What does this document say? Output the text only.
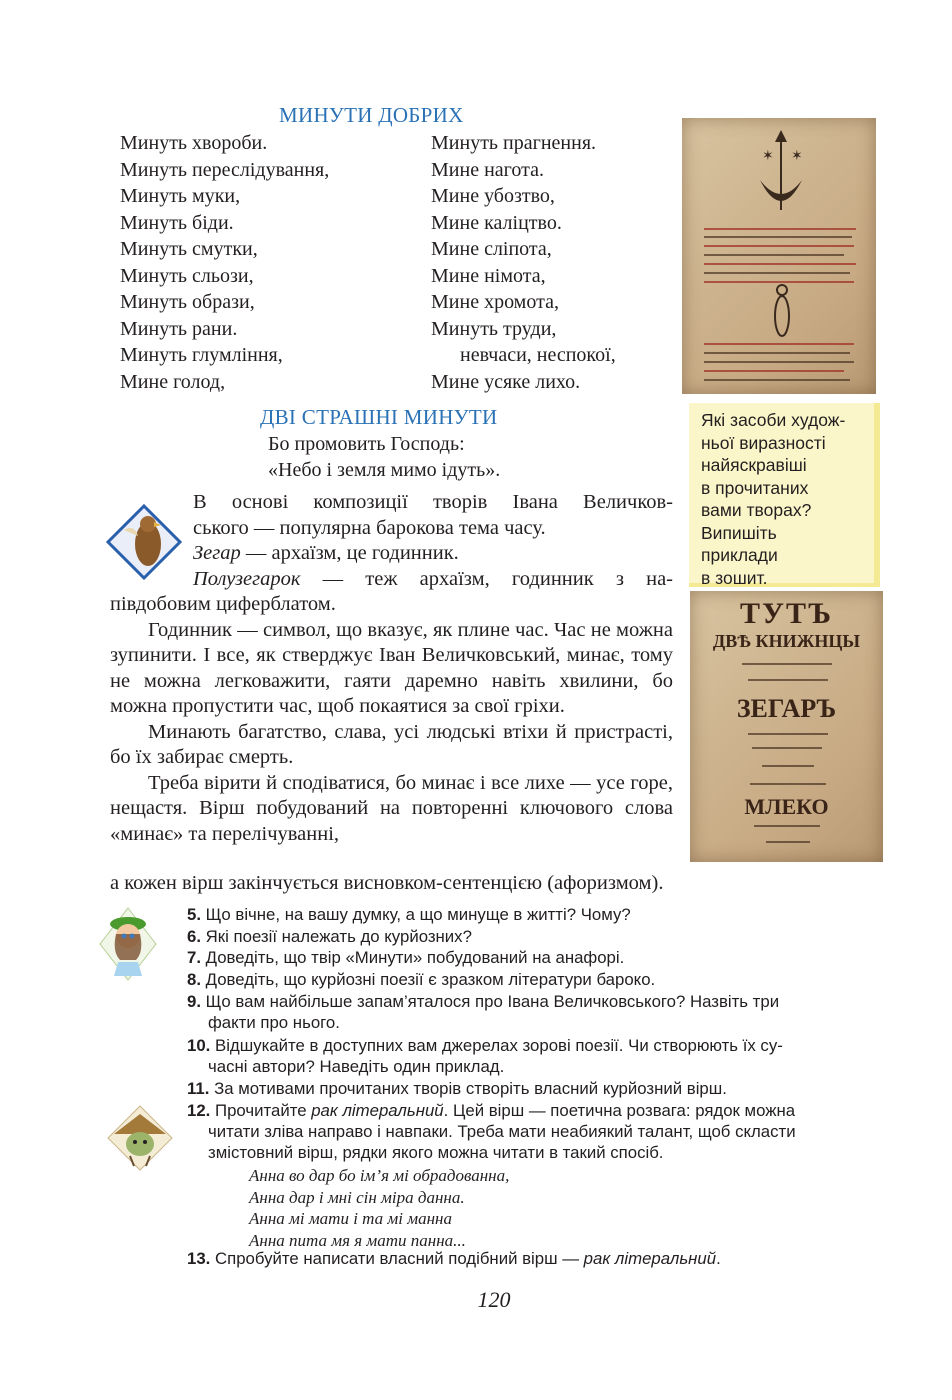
МИНУТИ ДОБРИХ
Минуть хвороби.
Минуть переслідування,
Минуть муки,
Минуть біди.
Минуть смутки,
Минуть сльози,
Минуть образи,
Минуть рани.
Минуть глумління,
Мине голод,
Минуть прагнення.
Мине нагота.
Мине убозтво,
Мине каліцтво.
Мине сліпота,
Мине німота,
Мине хромота,
Минуть труди,
невчаси, неспокої,
Мине усяке лихо.
✶ ✶
ДВІ СТРАШНІ МИНУТИ
Бо промовить Господь:
«Небо і земля мимо ідуть».
Які засоби худож-
ньої виразності
найяскравіші
в прочитаних
вами творах?
Випишіть
приклади
в зошит.

В основі композиції творів Івана Величков-

ського — популярна барокова тема часу.

Зегар — архаїзм, це годинник.

Полузегарок — теж архаїзм, годинник з на-

півдобовим циферблатом.

Годинник — символ, що вказує, як плине час. Час не можна зупинити. І все, як стверджує Іван Величковський, минає, тому не можна легковажити, гаяти даремно навіть хвилини, бо можна пропустити час, щоб покаятися за свої гріхи.

Минають багатство, слава, усі людські втіхи й пристрасті, бо їх забирає смерть.

Треба вірити й сподіватися, бо минає і все лихе — усе горе, нещастя. Вірш побудований на повторенні ключового слова «минає» та перелічуванні,

а кожен вірш закінчується висновком-сентенцією (афоризмом).
ТУТЪ
ДВѢ КНИЖНЦЫ
ЗЕГАРЪ
МЛЕКО
5. Що вічне, на вашу думку, а що минуще в житті? Чому?
6. Які поезії належать до курйозних?
7. Доведіть, що твір «Минути» побудований на анафорі.
8. Доведіть, що курйозні поезії є зразком літератури бароко.
9. Що вам найбільше запам’яталося про Івана Величковського? Назвіть три
факти про нього.
10. Відшукайте в доступних вам джерелах зорові поезії. Чи створюють їх су-
часні автори? Наведіть один приклад.
11. За мотивами прочитаних творів створіть власний курйозний вірш.
12. Прочитайте рак літеральний. Цей вірш — поетична розвага: рядок можна
читати зліва направо і навпаки. Треба мати неабиякий талант, щоб скласти
змістовний вірш, рядки якого можна читати в такий спосіб.
13. Спробуйте написати власний подібний вірш — рак літеральний.
Анна во дар бо ім’я мі обрадованна,
Анна дар і мні сін міра данна.
Анна мі мати і та мі манна
Анна пита мя я мати панна...
120
